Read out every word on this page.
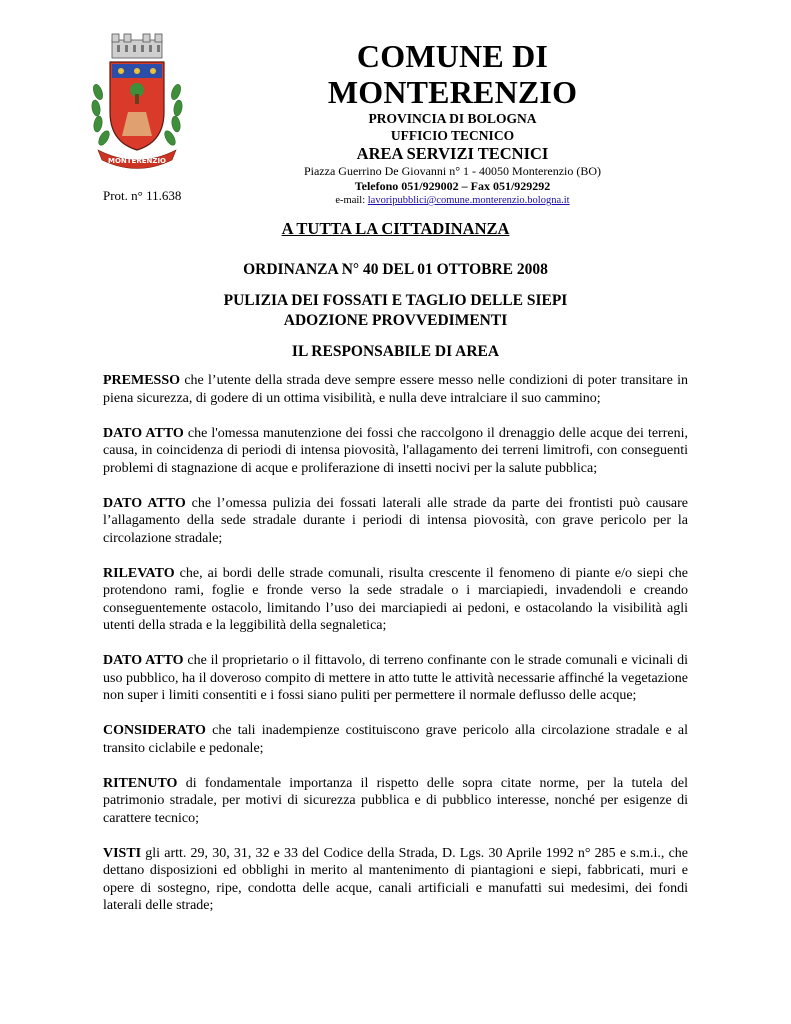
MONTERENZIO
COMUNE DI MONTERENZIO
PROVINCIA DI BOLOGNA
UFFICIO TECNICO
AREA SERVIZI TECNICI
Piazza Guerrino De Giovanni n° 1 - 40050 Monterenzio (BO)
Telefono 051/929002 – Fax 051/929292
e-mail: lavoripubblici@comune.monterenzio.bologna.it
Prot. n° 11.638
A TUTTA LA CITTADINANZA
ORDINANZA N° 40 DEL 01 OTTOBRE 2008
PULIZIA DEI FOSSATI E TAGLIO DELLE SIEPI
ADOZIONE PROVVEDIMENTI
IL RESPONSABILE DI AREA

PREMESSO che l’utente della strada deve sempre essere messo nelle condizioni di poter transitare in piena sicurezza, di godere di un ottima visibilità, e nulla deve intralciare il suo cammino;

DATO ATTO che l'omessa manutenzione dei fossi che raccolgono il drenaggio delle acque dei terreni, causa, in coincidenza di periodi di intensa piovosità, l'allagamento dei terreni limitrofi, con conseguenti problemi di stagnazione di acque e proliferazione di insetti nocivi per la salute pubblica;

DATO ATTO che l’omessa pulizia dei fossati laterali alle strade da parte dei frontisti può causare l’allagamento della sede stradale durante i periodi di intensa piovosità, con grave pericolo per la circolazione stradale;

RILEVATO che, ai bordi delle strade comunali, risulta crescente il fenomeno di piante e/o siepi che protendono rami, foglie e fronde verso la sede stradale o i marciapiedi, invadendoli e creando conseguentemente ostacolo, limitando l’uso dei marciapiedi ai pedoni, e ostacolando la visibilità agli utenti della strada e la leggibilità della segnaletica;

DATO ATTO che il proprietario o il fittavolo, di terreno confinante con le strade comunali e vicinali di uso pubblico, ha il doveroso compito di mettere in atto tutte le attività necessarie affinché la vegetazione non super i limiti consentiti e i fossi siano puliti per permettere il normale deflusso delle acque;

CONSIDERATO che tali inadempienze costituiscono grave pericolo alla circolazione stradale e al transito ciclabile e pedonale;

RITENUTO di fondamentale importanza il rispetto delle sopra citate norme, per la tutela del patrimonio stradale, per motivi di sicurezza pubblica e di pubblico interesse, nonché per esigenze di carattere tecnico;

VISTI gli artt. 29, 30, 31, 32 e 33 del Codice della Strada, D. Lgs. 30 Aprile 1992 n° 285 e s.m.i., che dettano disposizioni ed obblighi in merito al mantenimento di piantagioni e siepi, fabbricati, muri e opere di sostegno, ripe, condotta delle acque, canali artificiali e manufatti sui medesimi, dei fondi laterali delle strade;
